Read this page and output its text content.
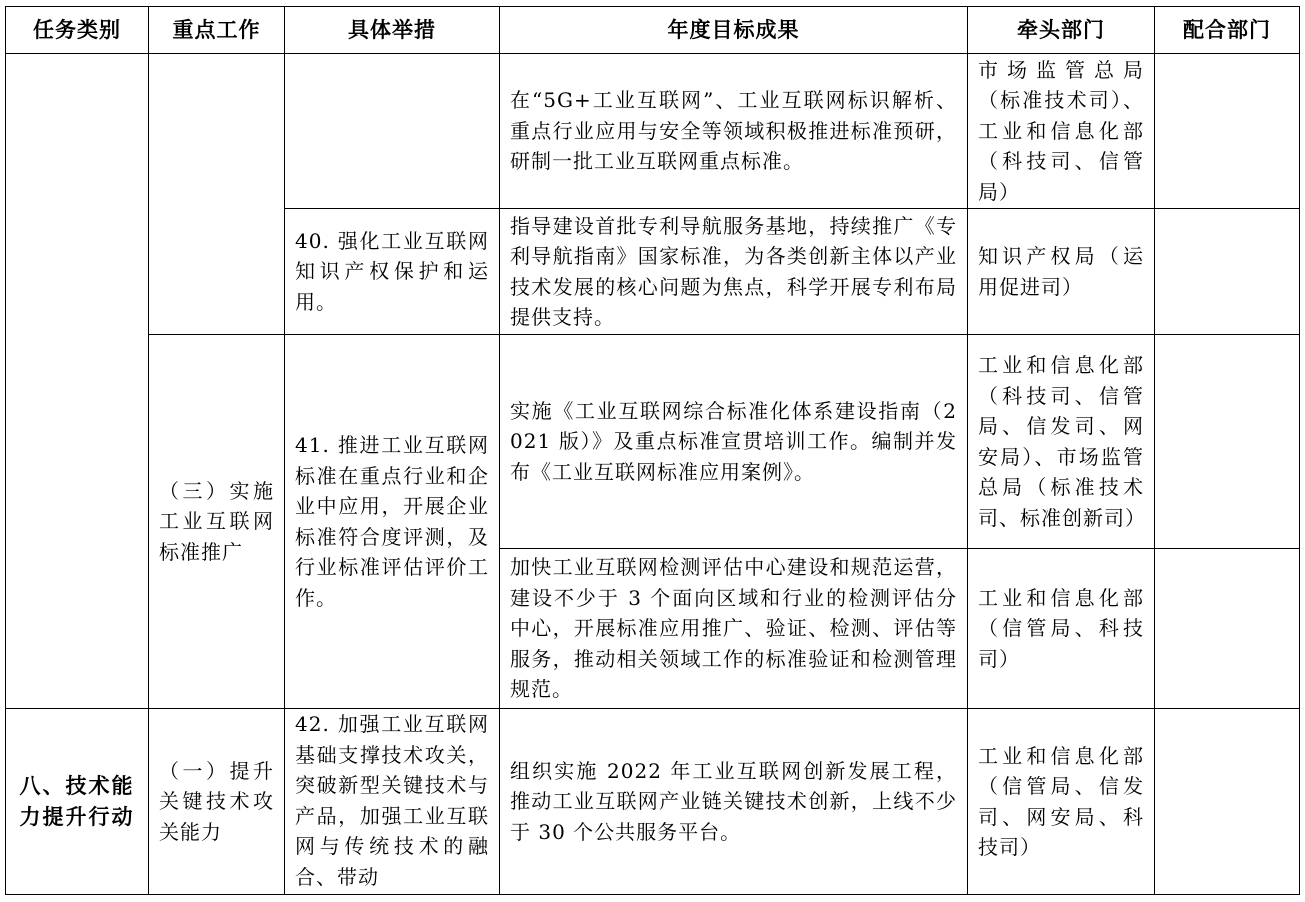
任务类别	重点工作	具体举措	年度目标成果	牵头部门	配合部门
			在“5G+工业互联网”、工业互联网标识解析、重点行业应用与安全等领域积极推进标准预研，研制一批工业互联网重点标准。	市场监管总局（标准技术司）、工业和信息化部（科技司、信管局）	
		40. 强化工业互联网知识产权保护和运用。	指导建设首批专利导航服务基地，持续推广《专利导航指南》国家标准，为各类创新主体以产业技术发展的核心问题为焦点，科学开展专利布局提供支持。	知识产权局（运用促进司）	
	（三）实施工业互联网标准推广	41. 推进工业互联网标准在重点行业和企业中应用，开展企业标准符合度评测，及行业标准评估评价工作。	实施《工业互联网综合标准化体系建设指南（2021 版）》及重点标准宣贯培训工作。编制并发布《工业互联网标准应用案例》。	工业和信息化部（科技司、信管局、信发司、网安局）、市场监管总局（标准技术司、标准创新司）	
			加快工业互联网检测评估中心建设和规范运营，建设不少于 3 个面向区域和行业的检测评估分中心，开展标准应用推广、验证、检测、评估等服务，推动相关领域工作的标准验证和检测管理规范。	工业和信息化部（信管局、科技司）	
八、技术能力提升行动	（一）提升关键技术攻关能力	42. 加强工业互联网基础支撑技术攻关，突破新型关键技术与产品，加强工业互联网与传统技术的融合、带动	组织实施 2022 年工业互联网创新发展工程，推动工业互联网产业链关键技术创新，上线不少于 30 个公共服务平台。	工业和信息化部（信管局、信发司、网安局、科技司）	
